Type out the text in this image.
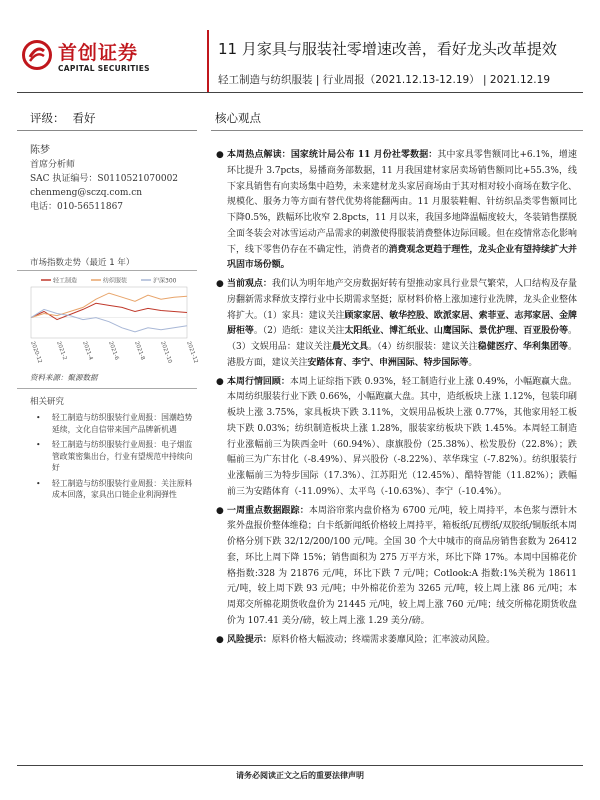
首创证券
CAPITAL SECURITIES
11 月家具与服装社零增速改善，看好龙头改革提效
轻工制造与纺织服装 | 行业周报（2021.12.13-12.19） | 2021.12.19
评级： 看好	核心观点
陈梦
首席分析师
SAC 执证编号：S0110521070002
chenmeng@sczq.com.cn
电话：010-56511867
市场指数走势（最近 1 年）
轻工制造	纺织服装	沪深300
2020-12 2021-2 2021-4 2021-6 2021-8 2021-10 2021-12
资料来源：聚源数据
相关研究
•	轻工制造与纺织服装行业周报：国潮趋势延续，文化自信带来国产品牌新机遇
•	轻工制造与纺织服装行业周报：电子烟监管政策密集出台，行业有望规范中持续向好
•	轻工制造与纺织服装行业周报：关注原料成本回落，家具出口链企业利润弹性
● 本周热点解读：国家统计局公布 11 月份社零数据：其中家具零售额同比+6.1%，增速环比提升 3.7pcts，易播商务部数据，11 月我国建材家居卖场销售额同比+55.3%，线下家具销售有向卖场集中趋势，未来建材龙头家居商场由于其对相对较小商场在数字化、规模化、服务力等方面有替代优势将能翻两由。11 月服装鞋帽、针纺织品类零售额同比下降0.5%，跌幅环比收窄 2.8pcts，11 月以来，我国多地降温幅度较大，冬装销售摆脱全面冬装会对冰雪运动产品需求的刺激使得服装消费整体边际回暖。但在疫情常态化影响下，线下零售仍存在不确定性，消费者的消费观念更趋于理性，龙头企业有望持续扩大并巩固市场份额。
● 当前观点：我们认为明年地产交房数据好转有望推动家具行业景气繁荣，人口结构及存量房翻新需求释放支撑行业中长期需求坚挺；原材料价格上涨加速行业洗牌，龙头企业整体将扩大。（1）家具：建议关注顾家家居、敏华控股、欧派家居、索菲亚、志邦家居、金牌厨柜等。（2）造纸：建议关注太阳纸业、博汇纸业、山鹰国际、景优护理、百亚股份等。（3）文娱用品：建议关注晨光文具。（4）纺织服装：建议关注稳健医疗、华利集团等。港股方面，建议关注安踏体育、李宁、申洲国际、特步国际等。
● 本周行情回顾：本周上证综指下跌 0.93%，轻工制造行业上涨 0.49%，小幅跑赢大盘。本周纺织服装行业下跌 0.66%，小幅跑赢大盘。其中，造纸板块上涨 1.12%，包装印刷板块上涨 3.75%，家具板块下跌 3.11%，文娱用品板块上涨 0.77%，其他家用轻工板块下跌 0.03%；纺织制造板块上涨 1.28%，服装家纺板块下跌 1.45%。本周轻工制造行业涨幅前三为陕西金叶（60.94%）、康旗股份（25.38%）、松发股份（22.8%）；跌幅前三为广东甘化（-8.49%）、昇兴股份（-8.22%）、萃华珠宝（-7.82%）。纺织服装行业涨幅前三为特步国际（17.3%）、江苏阳光（12.45%）、酷特智能（11.82%）；跌幅前三为安踏体育（-11.09%）、太平鸟（-10.63%）、李宁（-10.4%）。
● 一周重点数据跟踪：本周浴帘浆内盘价格为 6700 元/吨，较上周持平，本色浆与漂针木浆外盘报价整体维稳；白卡纸新闻纸价格较上周持平，箱板纸/瓦楞纸/双胶纸/铜版纸本周价格分别下跌 32/12/200/100 元/吨。全国 30 个大中城市的商品房销售套数为 26412 套，环比上周下降 15%；销售面积为 275 万平方米，环比下降 17%。本周中国棉花价格指数:328 为 21876 元/吨，环比下跌 7 元/吨；Cotlook:A 指数:1%关税为 18611 元/吨，较上周下跌 93 元/吨；中外棉花价差为 3265 元/吨，较上周上涨 86 元/吨；本周郑交所棉花期货收盘价为 21445 元/吨，较上周上涨 760 元/吨；绒交所棉花期货收盘价为 107.41 美分/磅，较上周上涨 1.29 美分/磅。
● 风险提示：原料价格大幅波动；终端需求萎靡风险；汇率波动风险。
请务必阅读正文之后的重要法律声明
